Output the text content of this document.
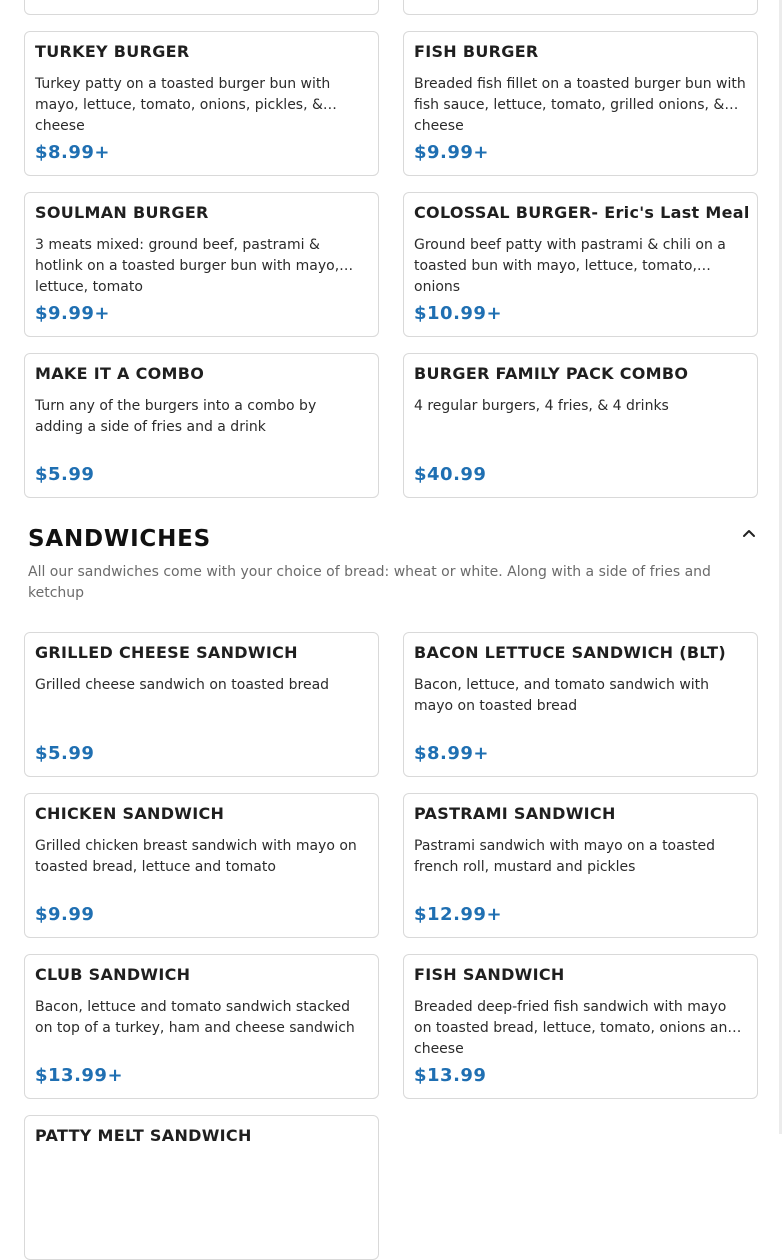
TURKEY BURGER
Turkey patty on a toasted burger bun with mayo, lettuce, tomato, onions, pickles, & cheese
$8.99+
FISH BURGER
Breaded fish fillet on a toasted burger bun with fish sauce, lettuce, tomato, grilled onions, & cheese
$9.99+
SOULMAN BURGER
3 meats mixed: ground beef, pastrami & hotlink on a toasted burger bun with mayo, lettuce, tomato
$9.99+
COLOSSAL BURGER- Eric's Last Meal
Ground beef patty with pastrami & chili on a toasted bun with mayo, lettuce, tomato, onions
$10.99+
MAKE IT A COMBO
Turn any of the burgers into a combo by adding a side of fries and a drink
$5.99
BURGER FAMILY PACK COMBO
4 regular burgers, 4 fries, & 4 drinks
$40.99
SANDWICHES
All our sandwiches come with your choice of bread: wheat or white. Along with a side of fries and ketchup
GRILLED CHEESE SANDWICH
Grilled cheese sandwich on toasted bread
$5.99
BACON LETTUCE SANDWICH (BLT)
Bacon, lettuce, and tomato sandwich with mayo on toasted bread
$8.99+
CHICKEN SANDWICH
Grilled chicken breast sandwich with mayo on toasted bread, lettuce and tomato
$9.99
PASTRAMI SANDWICH
Pastrami sandwich with mayo on a toasted french roll, mustard and pickles
$12.99+
CLUB SANDWICH
Bacon, lettuce and tomato sandwich stacked on top of a turkey, ham and cheese sandwich
$13.99+
FISH SANDWICH
Breaded deep-fried fish sandwich with mayo on toasted bread, lettuce, tomato, onions and cheese
$13.99
PATTY MELT SANDWICH
